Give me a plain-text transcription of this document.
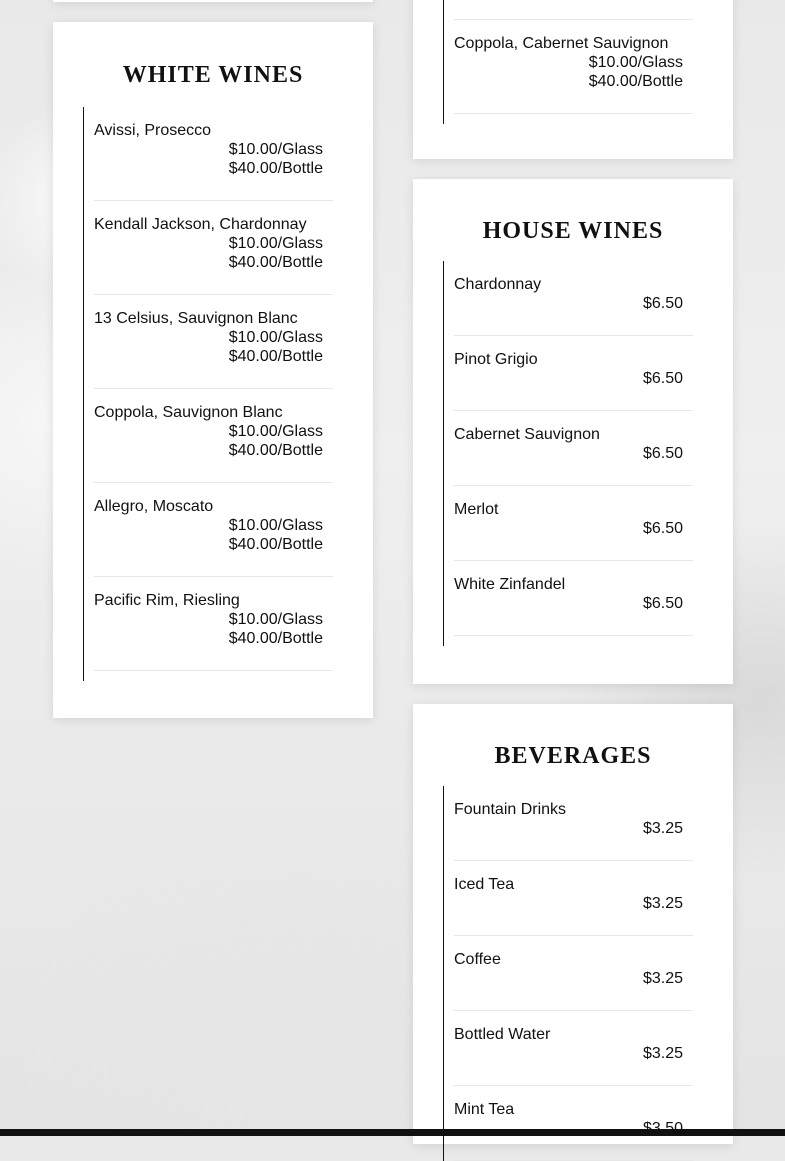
WHITE WINES
Avissi, Prosecco
$10.00/Glass
$40.00/Bottle
Kendall Jackson, Chardonnay
$10.00/Glass
$40.00/Bottle
13 Celsius, Sauvignon Blanc
$10.00/Glass
$40.00/Bottle
Coppola, Sauvignon Blanc
$10.00/Glass
$40.00/Bottle
Allegro, Moscato
$10.00/Glass
$40.00/Bottle
Pacific Rim, Riesling
$10.00/Glass
$40.00/Bottle
Coppola, Cabernet Sauvignon
$10.00/Glass
$40.00/Bottle
HOUSE WINES
Chardonnay
$6.50
Pinot Grigio
$6.50
Cabernet Sauvignon
$6.50
Merlot
$6.50
White Zinfandel
$6.50
BEVERAGES
Fountain Drinks
$3.25
Iced Tea
$3.25
Coffee
$3.25
Bottled Water
$3.25
Mint Tea
